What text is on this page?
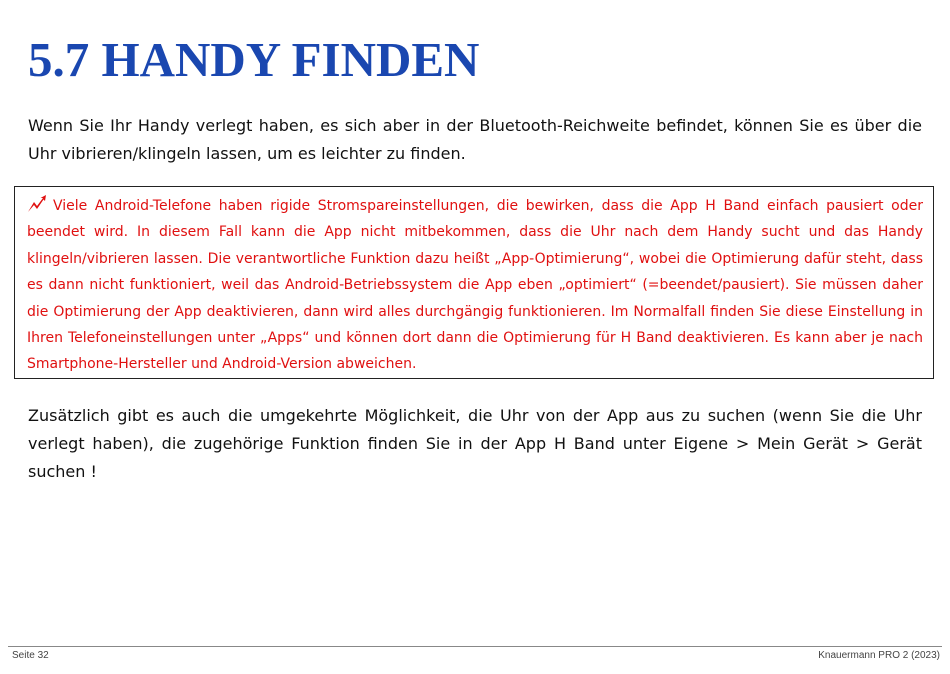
5.7 HANDY FINDEN

Wenn Sie Ihr Handy verlegt haben, es sich aber in der Bluetooth-Reichweite befindet, können Sie es über die Uhr vibrieren/klingeln lassen, um es leichter zu finden.

Viele Android-Telefone haben rigide Stromspareinstellungen, die bewirken, dass die App H Band einfach pausiert oder beendet wird. In diesem Fall kann die App nicht mitbekommen, dass die Uhr nach dem Handy sucht und das Handy klingeln/vibrieren lassen. Die verantwortliche Funktion dazu heißt „App-Optimierung“, wobei die Optimierung dafür steht, dass es dann nicht funktioniert, weil das Android-Betriebssystem die App eben „optimiert“ (=beendet/pausiert). Sie müssen daher die Optimierung der App deaktivieren, dann wird alles durchgängig funktionieren. Im Normalfall finden Sie diese Einstellung in Ihren Telefoneinstellungen unter „Apps“ und können dort dann die Optimierung für H Band deaktivieren. Es kann aber je nach Smartphone-Hersteller und Android-Version abweichen.

Zusätzlich gibt es auch die umgekehrte Möglichkeit, die Uhr von der App aus zu suchen (wenn Sie die Uhr verlegt haben), die zugehörige Funktion finden Sie in der App H Band unter Eigene > Mein Gerät > Gerät suchen !

Seite 32	Knauermann PRO 2 (2023)
